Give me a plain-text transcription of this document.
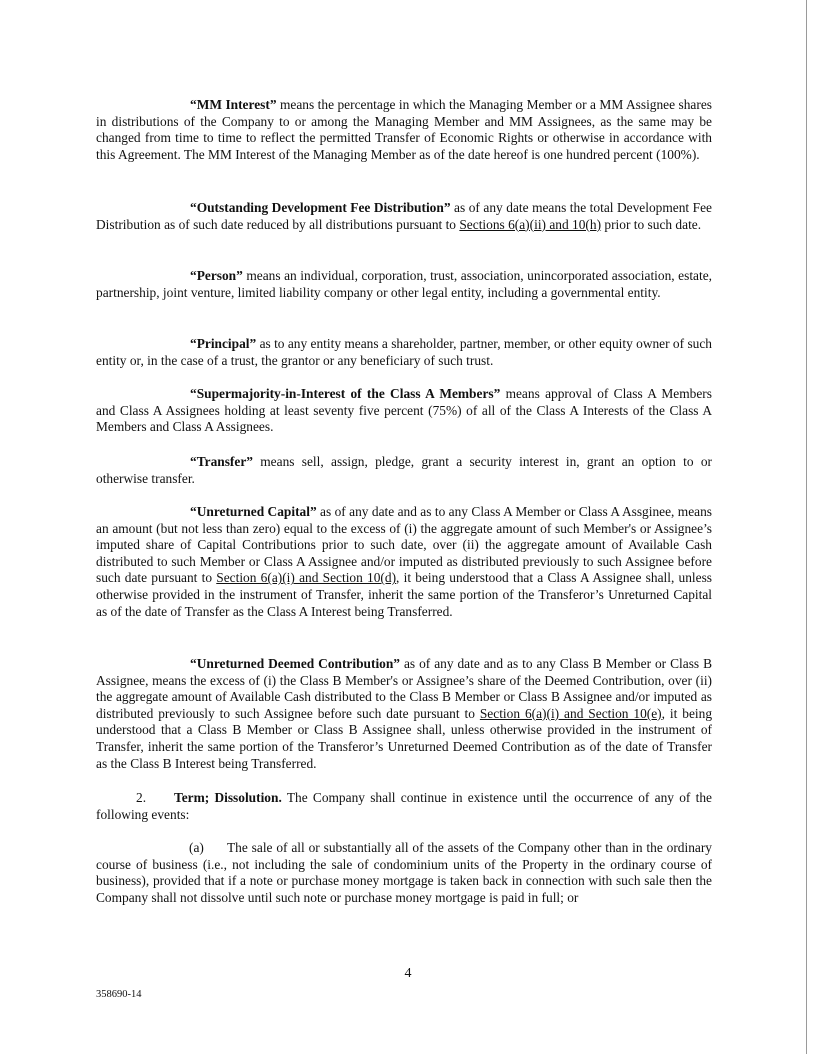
“MM Interest” means the percentage in which the Managing Member or a MM Assignee shares in distributions of the Company to or among the Managing Member and MM Assignees, as the same may be changed from time to time to reflect the permitted Transfer of Economic Rights or otherwise in accordance with this Agreement. The MM Interest of the Managing Member as of the date hereof is one hundred percent (100%).

“Outstanding Development Fee Distribution” as of any date means the total Development Fee Distribution as of such date reduced by all distributions pursuant to Sections 6(a)(ii) and 10(h) prior to such date.

“Person” means an individual, corporation, trust, association, unincorporated association, estate, partnership, joint venture, limited liability company or other legal entity, including a governmental entity.

“Principal” as to any entity means a shareholder, partner, member, or other equity owner of such entity or, in the case of a trust, the grantor or any beneficiary of such trust.

“Supermajority-in-Interest of the Class A Members” means approval of Class A Members and Class A Assignees holding at least seventy five percent (75%) of all of the Class A Interests of the Class A Members and Class A Assignees.

“Transfer” means sell, assign, pledge, grant a security interest in, grant an option to or otherwise transfer.

“Unreturned Capital” as of any date and as to any Class A Member or Class A Assginee, means an amount (but not less than zero) equal to the excess of (i) the aggregate amount of such Member's or Assignee’s imputed share of Capital Contributions prior to such date, over (ii) the aggregate amount of Available Cash distributed to such Member or Class A Assignee and/or imputed as distributed previously to such Assignee before such date pursuant to Section 6(a)(i) and Section 10(d), it being understood that a Class A Assignee shall, unless otherwise provided in the instrument of Transfer, inherit the same portion of the Transferor’s Unreturned Capital as of the date of Transfer as the Class A Interest being Transferred.

“Unreturned Deemed Contribution” as of any date and as to any Class B Member or Class B Assignee, means the excess of (i) the Class B Member's or Assignee’s share of the Deemed Contribution, over (ii) the aggregate amount of Available Cash distributed to the Class B Member or Class B Assignee and/or imputed as distributed previously to such Assignee before such date pursuant to Section 6(a)(i) and Section 10(e), it being understood that a Class B Member or Class B Assignee shall, unless otherwise provided in the instrument of Transfer, inherit the same portion of the Transferor’s Unreturned Deemed Contribution as of the date of Transfer as the Class B Interest being Transferred.

2. Term; Dissolution. The Company shall continue in existence until the occurrence of any of the following events:

(a) The sale of all or substantially all of the assets of the Company other than in the ordinary course of business (i.e., not including the sale of condominium units of the Property in the ordinary course of business), provided that if a note or purchase money mortgage is taken back in connection with such sale then the Company shall not dissolve until such note or purchase money mortgage is paid in full; or

4
358690-14
